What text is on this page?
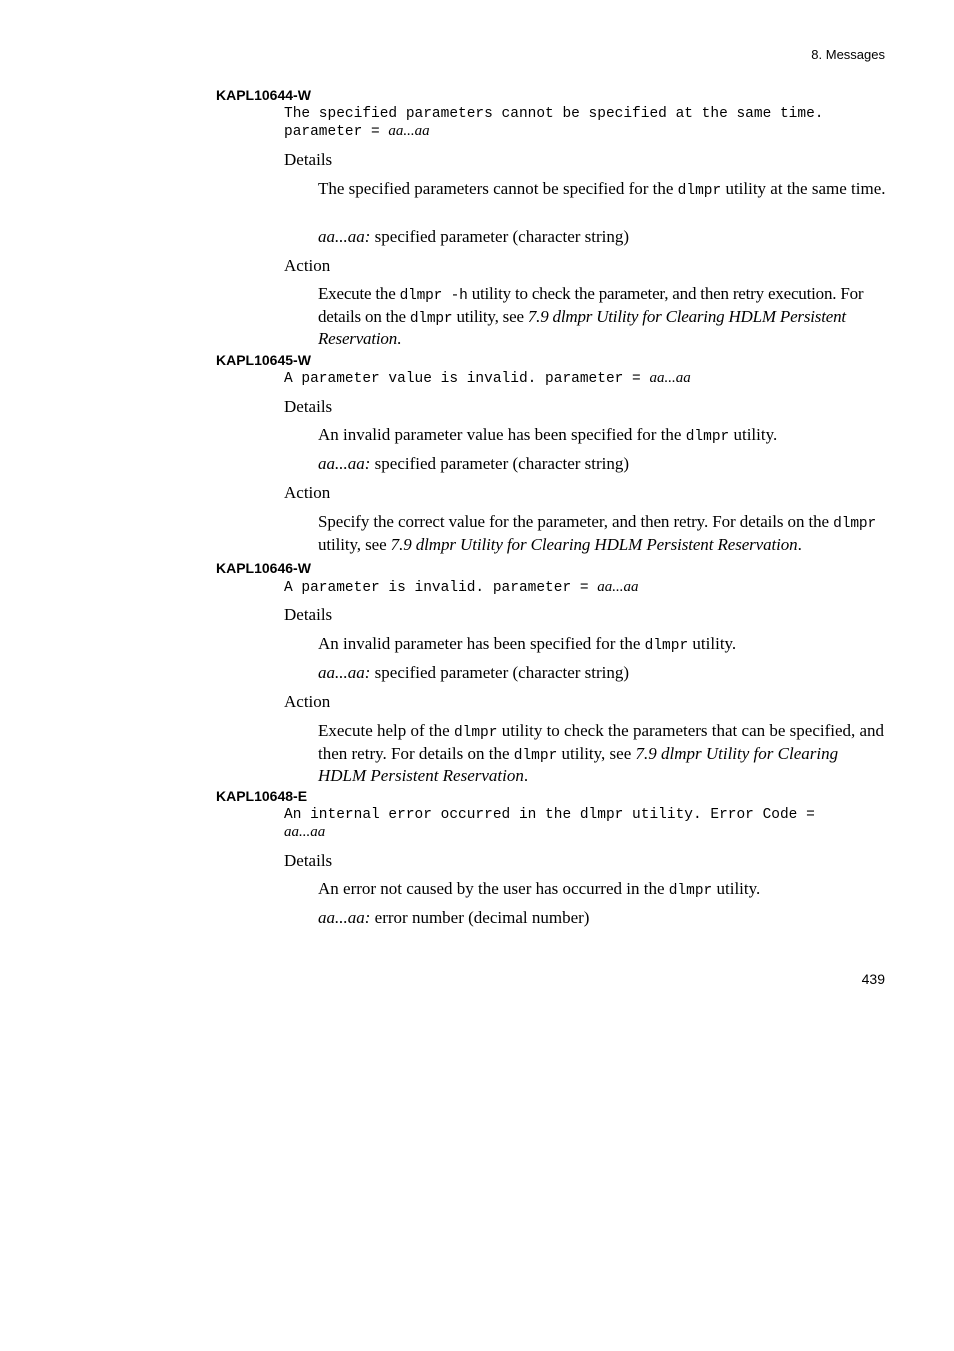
8. Messages
KAPL10644-W
The specified parameters cannot be specified at the same time.
parameter = aa...aa
Details
The specified parameters cannot be specified for the dlmpr utility at the same time.
aa...aa: specified parameter (character string)
Action
Execute the dlmpr -h utility to check the parameter, and then retry execution. For details on the dlmpr utility, see 7.9 dlmpr Utility for Clearing HDLM Persistent Reservation.
KAPL10645-W
A parameter value is invalid. parameter = aa...aa
Details
An invalid parameter value has been specified for the dlmpr utility.
aa...aa: specified parameter (character string)
Action
Specify the correct value for the parameter, and then retry. For details on the dlmpr utility, see 7.9 dlmpr Utility for Clearing HDLM Persistent Reservation.
KAPL10646-W
A parameter is invalid. parameter = aa...aa
Details
An invalid parameter has been specified for the dlmpr utility.
aa...aa: specified parameter (character string)
Action
Execute help of the dlmpr utility to check the parameters that can be specified, and then retry. For details on the dlmpr utility, see 7.9 dlmpr Utility for Clearing HDLM Persistent Reservation.
KAPL10648-E
An internal error occurred in the dlmpr utility. Error Code =
aa...aa
Details
An error not caused by the user has occurred in the dlmpr utility.
aa...aa: error number (decimal number)
439
